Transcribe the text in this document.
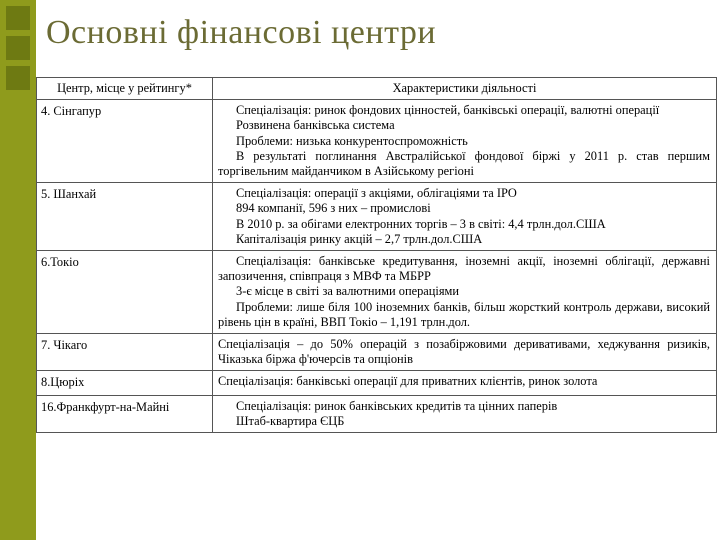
Основні фінансові центри
Центр, місце у рейтингу*	Характеристики діяльності
4. Сінгапур	Спеціалізація: ринок фондових цінностей, банківські операції, валютні операції
Розвинена банківська система
Проблеми: низька конкурентоспроможність
В результаті поглинання Австралійської фондової біржі у 2011 р. став першим торгівельним майданчиком в Азійському регіоні

5. Шанхай	Спеціалізація: операції з акціями, облігаціями та IPO
894 компанії, 596 з них – промислові
В 2010 р. за обігами електронних торгів – 3 в світі: 4,4 трлн.дол.США
Капіталізація ринку акцій – 2,7 трлн.дол.США

6.Токіо	Спеціалізація: банківське кредитування, іноземні акції, іноземні облігації, державні запозичення, співпраця з МВФ та МБРР
3-є місце в світі за валютними операціями
Проблеми: лише біля 100 іноземних банків, більш жорсткий контроль держави, високий рівень цін в країні, ВВП Токіо – 1,191 трлн.дол.

7. Чікаго	Спеціалізація – до 50% операцій з позабіржовими деривативами, хеджування ризиків, Чіказька біржа ф'ючерсів та опціонів

8.Цюріх	Спеціалізація: банківські операції для приватних клієнтів, ринок золота

16.Франкфурт-на-Майні	Спеціалізація: ринок банківських кредитів та цінних паперів
Штаб-квартира ЄЦБ
